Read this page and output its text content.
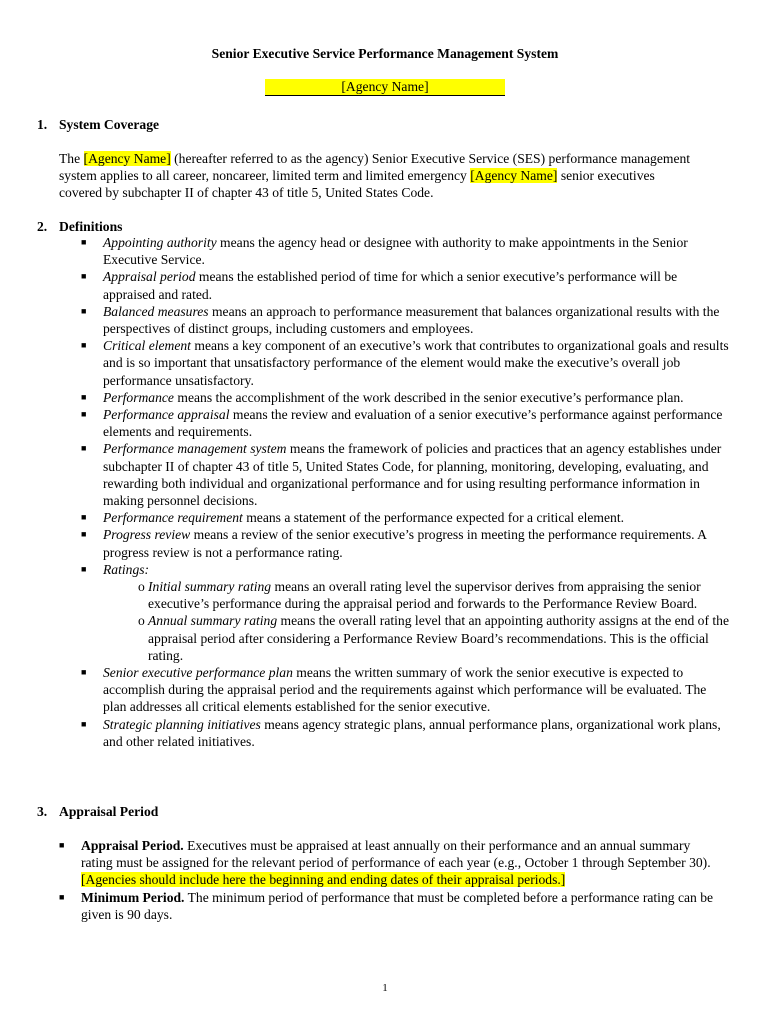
Senior Executive Service Performance Management System
[Agency Name]
1. System Coverage
The [Agency Name] (hereafter referred to as the agency) Senior Executive Service (SES) performance management system applies to all career, noncareer, limited term and limited emergency [Agency Name] senior executives covered by subchapter II of chapter 43 of title 5, United States Code.
2. Definitions
■ Appointing authority means the agency head or designee with authority to make appointments in the Senior Executive Service.
■ Appraisal period means the established period of time for which a senior executive’s performance will be appraised and rated.
■ Balanced measures means an approach to performance measurement that balances organizational results with the perspectives of distinct groups, including customers and employees.
■ Critical element means a key component of an executive’s work that contributes to organizational goals and results and is so important that unsatisfactory performance of the element would make the executive’s overall job performance unsatisfactory.
■ Performance means the accomplishment of the work described in the senior executive’s performance plan.
■ Performance appraisal means the review and evaluation of a senior executive’s performance against performance elements and requirements.
■ Performance management system means the framework of policies and practices that an agency establishes under subchapter II of chapter 43 of title 5, United States Code, for planning, monitoring, developing, evaluating, and rewarding both individual and organizational performance and for using resulting performance information in making personnel decisions.
■ Performance requirement means a statement of the performance expected for a critical element.
■ Progress review means a review of the senior executive’s progress in meeting the performance requirements. A progress review is not a performance rating.
■ Ratings:
o Initial summary rating means an overall rating level the supervisor derives from appraising the senior executive’s performance during the appraisal period and forwards to the Performance Review Board.
o Annual summary rating means the overall rating level that an appointing authority assigns at the end of the appraisal period after considering a Performance Review Board’s recommendations. This is the official rating.
■ Senior executive performance plan means the written summary of work the senior executive is expected to accomplish during the appraisal period and the requirements against which performance will be evaluated. The plan addresses all critical elements established for the senior executive.
■ Strategic planning initiatives means agency strategic plans, annual performance plans, organizational work plans, and other related initiatives.
3. Appraisal Period
■ Appraisal Period. Executives must be appraised at least annually on their performance and an annual summary rating must be assigned for the relevant period of performance of each year (e.g., October 1 through September 30). [Agencies should include here the beginning and ending dates of their appraisal periods.]
■ Minimum Period. The minimum period of performance that must be completed before a performance rating can be given is 90 days.
1
